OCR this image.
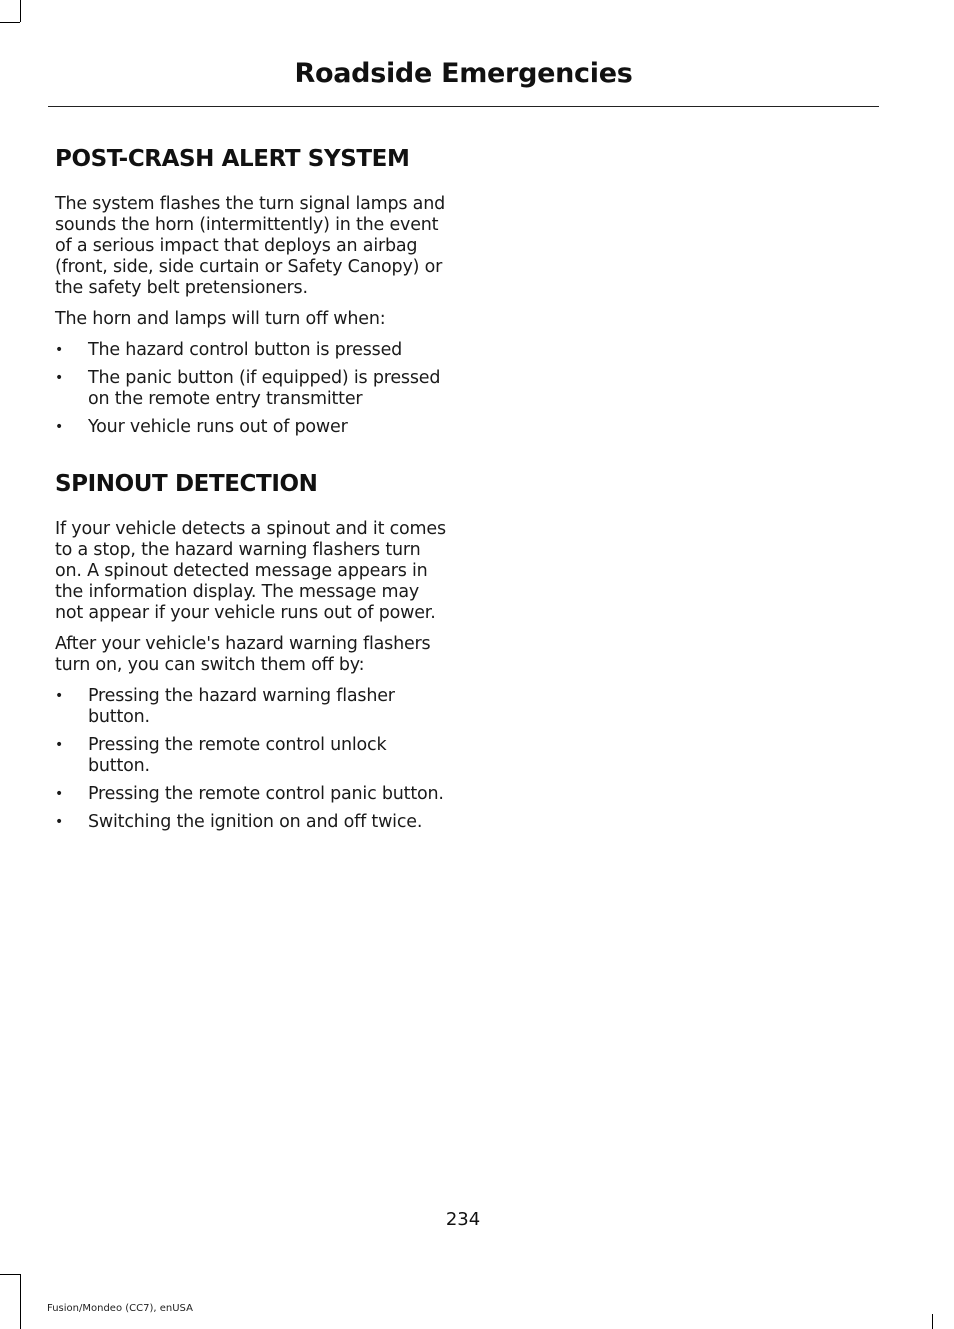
Roadside Emergencies
POST-CRASH ALERT SYSTEM

The system flashes the turn signal lamps and sounds the horn (intermittently) in the event of a serious impact that deploys an airbag (front, side, side curtain or Safety Canopy) or the safety belt pretensioners.

The horn and lamps will turn off when:

• The hazard control button is pressed
• The panic button (if equipped) is pressed on the remote entry transmitter
• Your vehicle runs out of power
SPINOUT DETECTION

If your vehicle detects a spinout and it comes to a stop, the hazard warning flashers turn on. A spinout detected message appears in the information display. The message may not appear if your vehicle runs out of power.

After your vehicle's hazard warning flashers turn on, you can switch them off by:

• Pressing the hazard warning flasher button.
• Pressing the remote control unlock button.
• Pressing the remote control panic button.
• Switching the ignition on and off twice.
234
Fusion/Mondeo (CC7), enUSA
